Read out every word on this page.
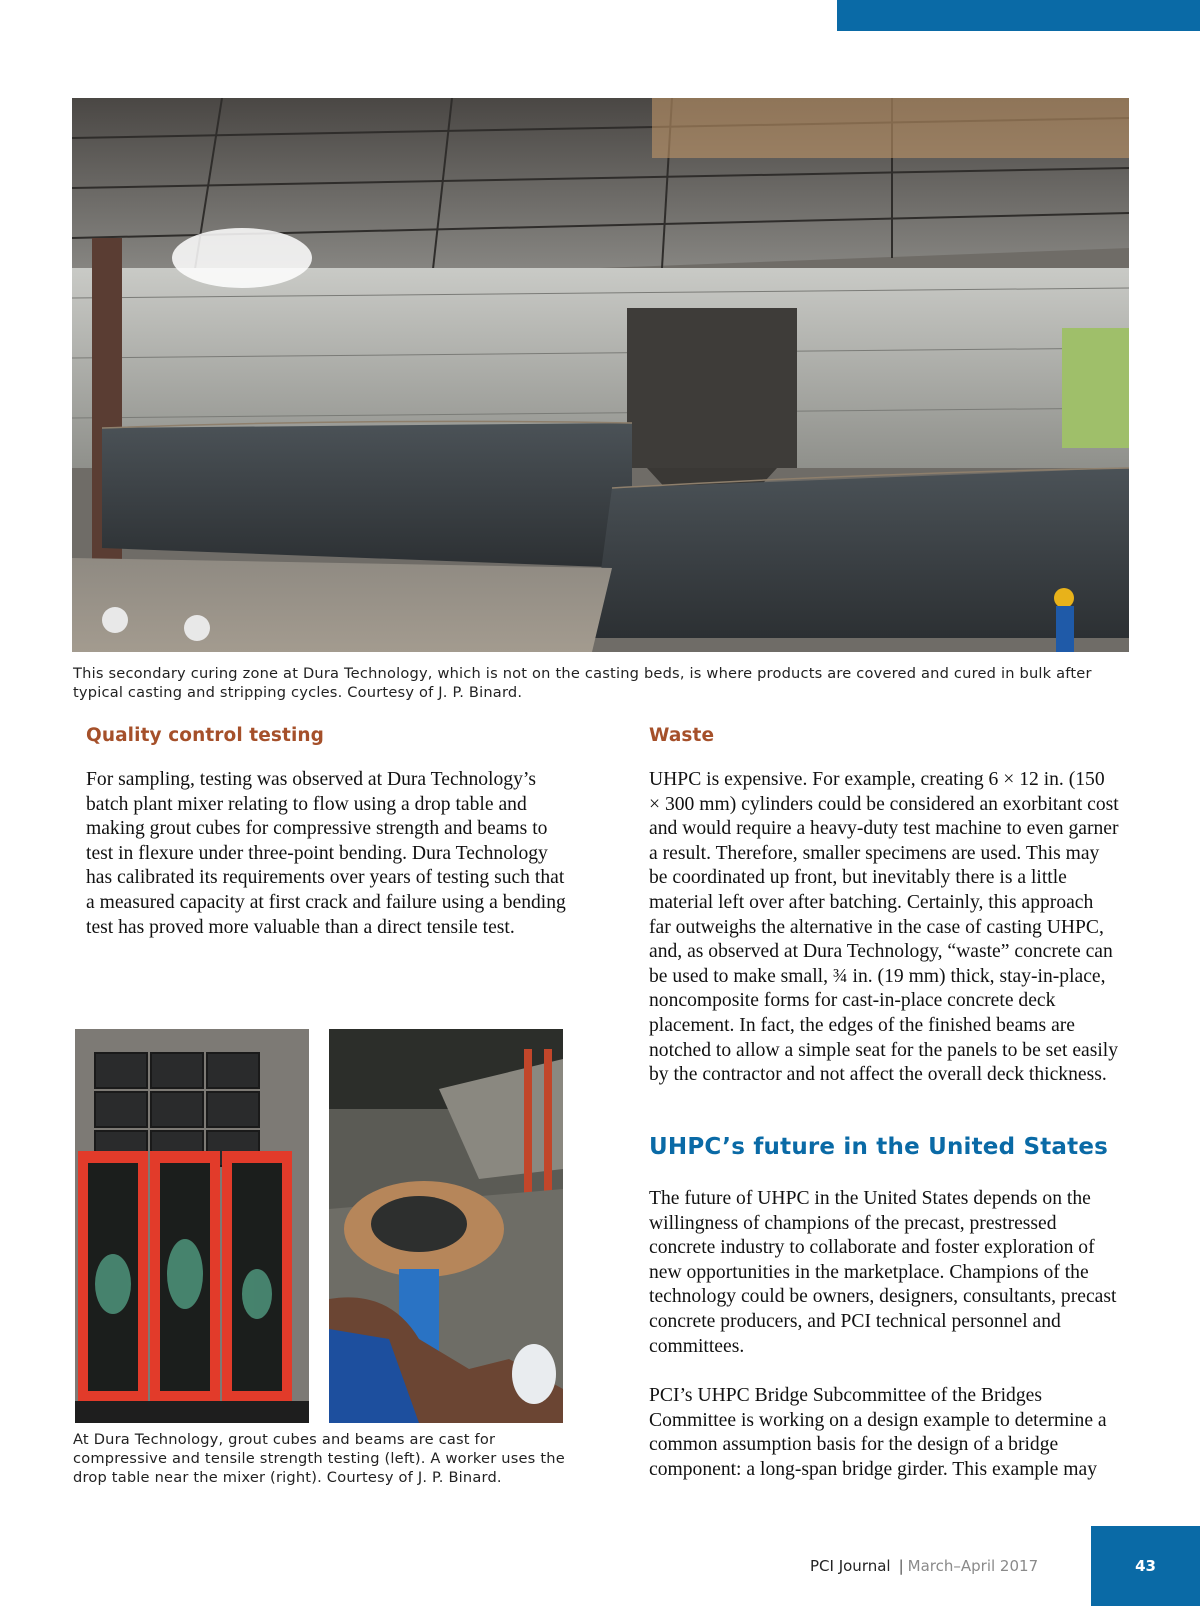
This secondary curing zone at Dura Technology, which is not on the casting beds, is where products are covered and cured in bulk after typical casting and stripping cycles. Courtesy of J. P. Binard.
Quality control testing

For sampling, testing was observed at Dura Technology’s batch plant mixer relating to flow using a drop table and making grout cubes for compressive strength and beams to test in flexure under three-point bending. Dura Technology has calibrated its requirements over years of testing such that a measured capacity at first crack and failure using a bending test has proved more valuable than a direct tensile test.

At Dura Technology, grout cubes and beams are cast for compressive and tensile strength testing (left). A worker uses the drop table near the mixer (right). Courtesy of J. P. Binard.
Waste

UHPC is expensive. For example, creating 6 × 12 in. (150 × 300 mm) cylinders could be considered an exorbitant cost and would require a heavy-duty test machine to even garner a result. Therefore, smaller specimens are used. This may be coordinated up front, but inevitably there is a little material left over after batching. Certainly, this approach far outweighs the alternative in the case of casting UHPC, and, as observed at Dura Technology, “waste” concrete can be used to make small, ¾ in. (19 mm) thick, stay-in-place, noncomposite forms for cast-in-place concrete deck placement. In fact, the edges of the finished beams are notched to allow a simple seat for the panels to be set easily by the contractor and not affect the overall deck thickness.

UHPC’s future in the United States

The future of UHPC in the United States depends on the willingness of champions of the precast, prestressed concrete industry to collaborate and foster exploration of new opportunities in the marketplace. Champions of the technology could be owners, designers, consultants, precast concrete producers, and PCI technical personnel and committees.

PCI’s UHPC Bridge Subcommittee of the Bridges Committee is working on a design example to determine a common assumption basis for the design of a bridge component: a long-span bridge girder. This example may

PCI Journal | March–April 2017	43
